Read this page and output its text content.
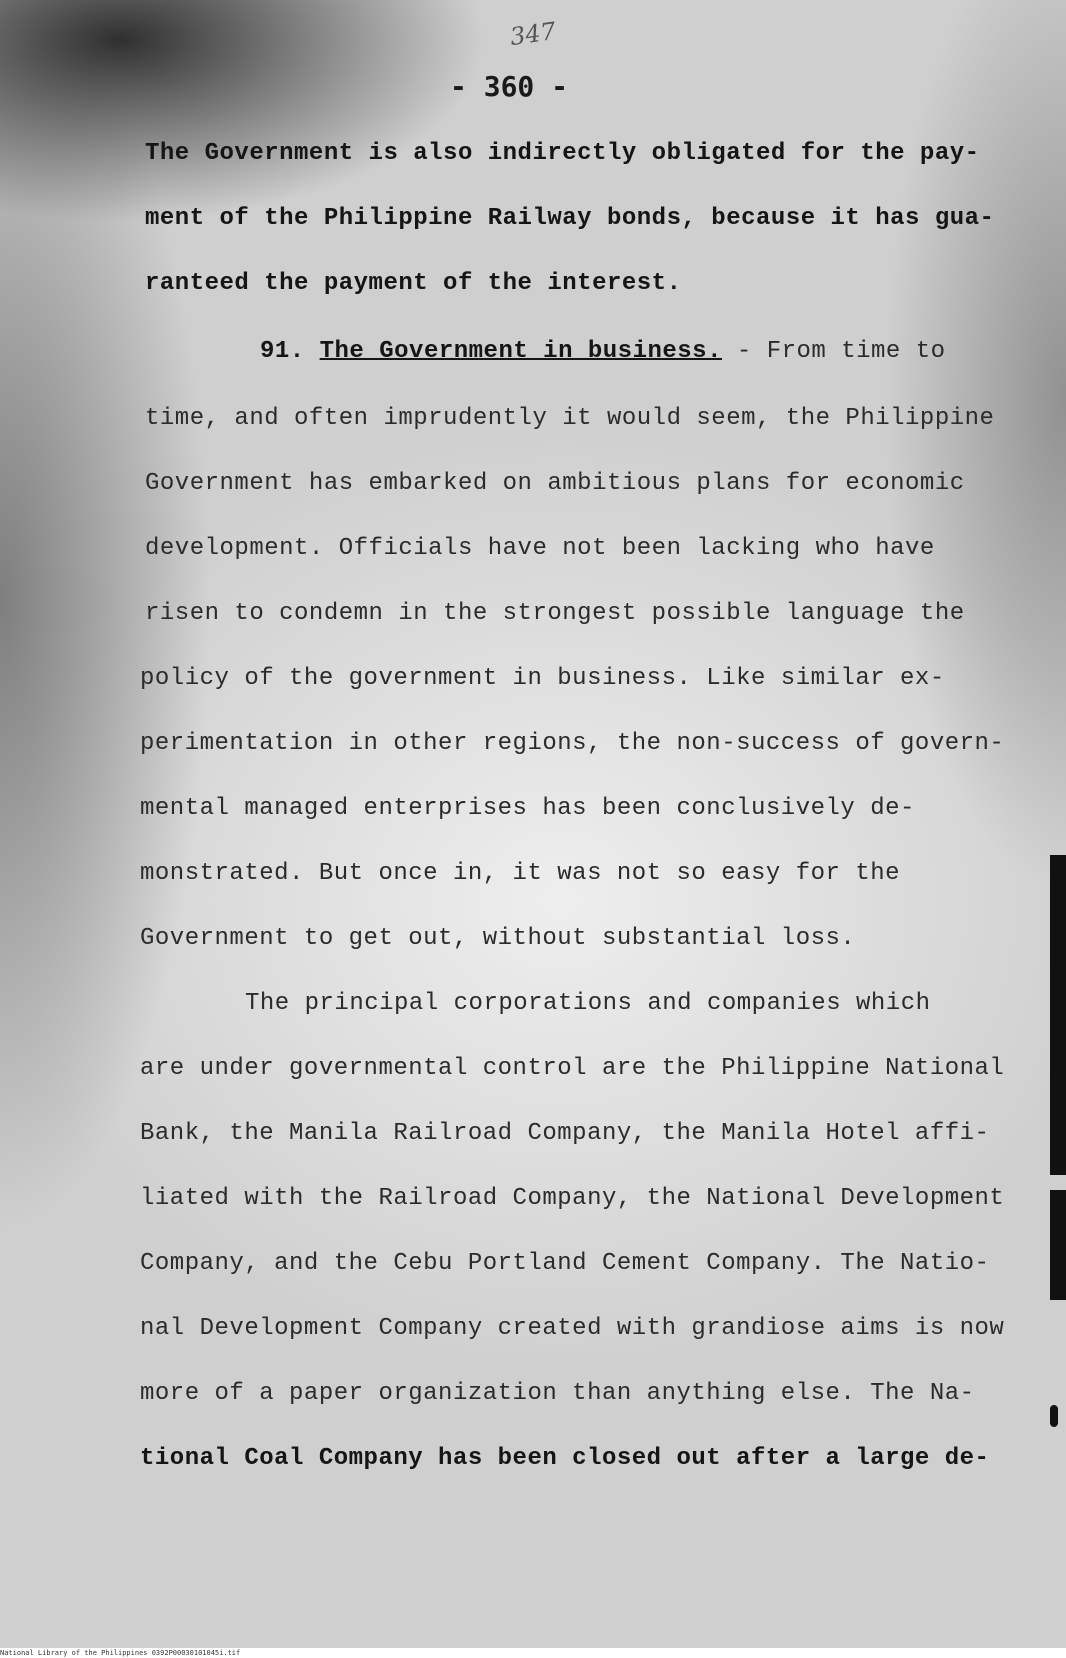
347
- 360 -
The Government is also indirectly obligated for the pay-
ment of the Philippine Railway bonds, because it has gua-
ranteed the payment of the interest.
91. The Government in business. - From time to
time, and often imprudently it would seem, the Philippine
Government has embarked on ambitious plans for economic
development. Officials have not been lacking who have
risen to condemn in the strongest possible language the
policy of the government in business. Like similar ex-
perimentation in other regions, the non-success of govern-
mental managed enterprises has been conclusively de-
monstrated. But once in, it was not so easy for the
Government to get out, without substantial loss.
The principal corporations and companies which
are under governmental control are the Philippine National
Bank, the Manila Railroad Company, the Manila Hotel affi-
liated with the Railroad Company, the National Development
Company, and the Cebu Portland Cement Company. The Natio-
nal Development Company created with grandiose aims is now
more of a paper organization than anything else. The Na-
tional Coal Company has been closed out after a large de-
National Library of the Philippines 0392P00030101045i.tif
